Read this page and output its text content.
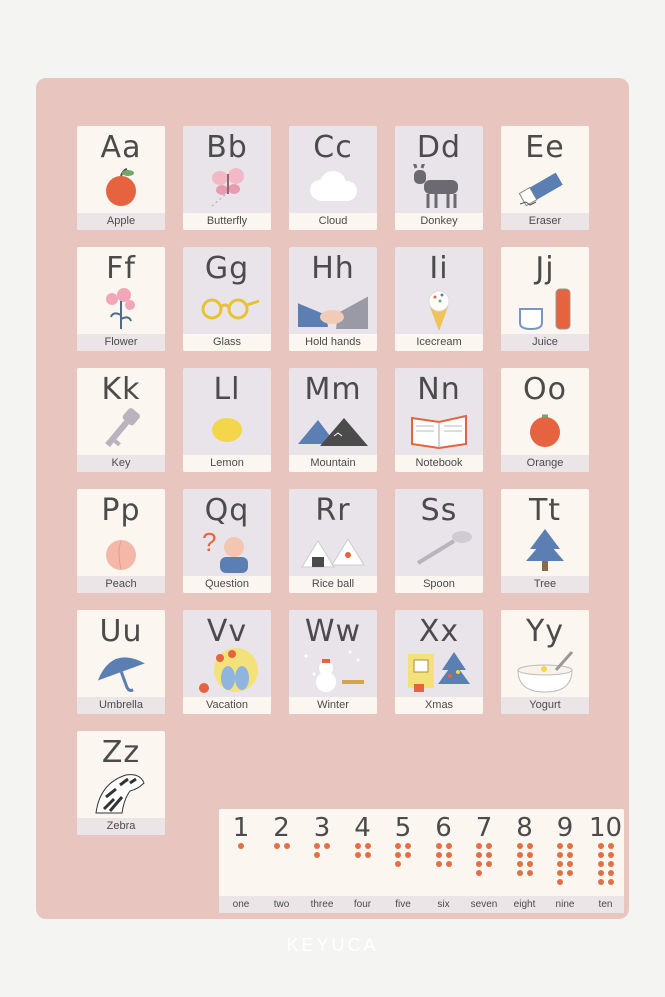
Aa
Apple
Bb
Butterfly
Cc
Cloud
Dd
Donkey
Ee
Eraser
Ff
Flower
Gg
Glass
Hh
Hold hands
Ii
Icecream
Jj
Juice
Kk
Key
Ll
Lemon
Mm
Mountain
Nn
Notebook
Oo
Orange
Pp
Peach
Qq
?
Question
Rr
Rice ball
Ss
Spoon
Tt
Tree
Uu
Umbrella
Vv
Vacation
Ww
Winter
Xx
Xmas
Yy
Yogurt
Zz
Zebra	1
one
2
two
3
three
4
four
5
five
6
six
7
seven
8
eight
9
nine
10
ten
KEYUCA
